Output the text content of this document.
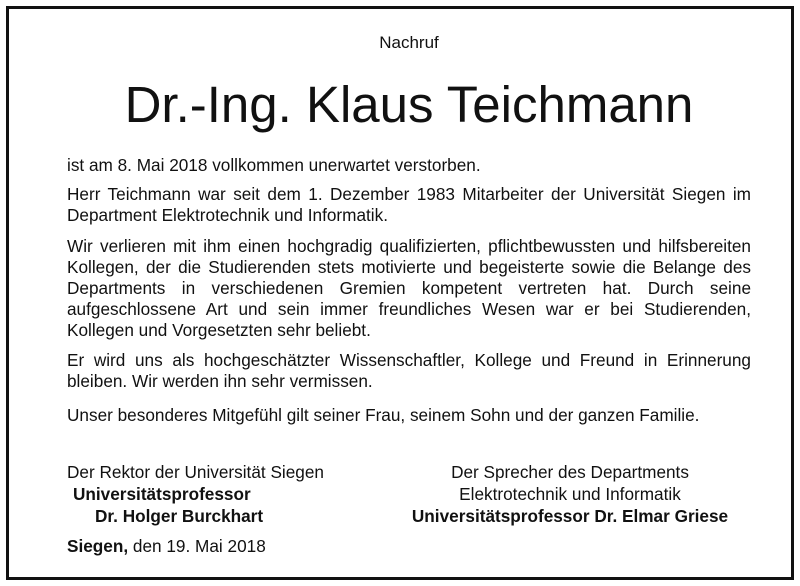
Nachruf
Dr.-Ing. Klaus Teichmann
ist am 8. Mai 2018 vollkommen unerwartet verstorben.
Herr Teichmann war seit dem 1. Dezember 1983 Mitarbeiter der Universität Siegen im Department Elektrotechnik und Informatik.
Wir verlieren mit ihm einen hochgradig qualifizierten, pflichtbewussten und hilfsbereiten Kollegen, der die Studierenden stets motivierte und begeisterte sowie die Belange des Departments in verschiedenen Gremien kompetent vertreten hat. Durch seine aufgeschlossene Art und sein immer freundliches Wesen war er bei Studierenden, Kollegen und Vorgesetzten sehr beliebt.
Er wird uns als hochgeschätzter Wissenschaftler, Kollege und Freund in Erinnerung bleiben. Wir werden ihn sehr vermissen.
Unser besonderes Mitgefühl gilt seiner Frau, seinem Sohn und der ganzen Familie.
Der Rektor der Universität Siegen
Universitätsprofessor
Dr. Holger Burckhart
Der Sprecher des Departments
Elektrotechnik und Informatik
Universitätsprofessor Dr. Elmar Griese
Siegen, den 19. Mai 2018
